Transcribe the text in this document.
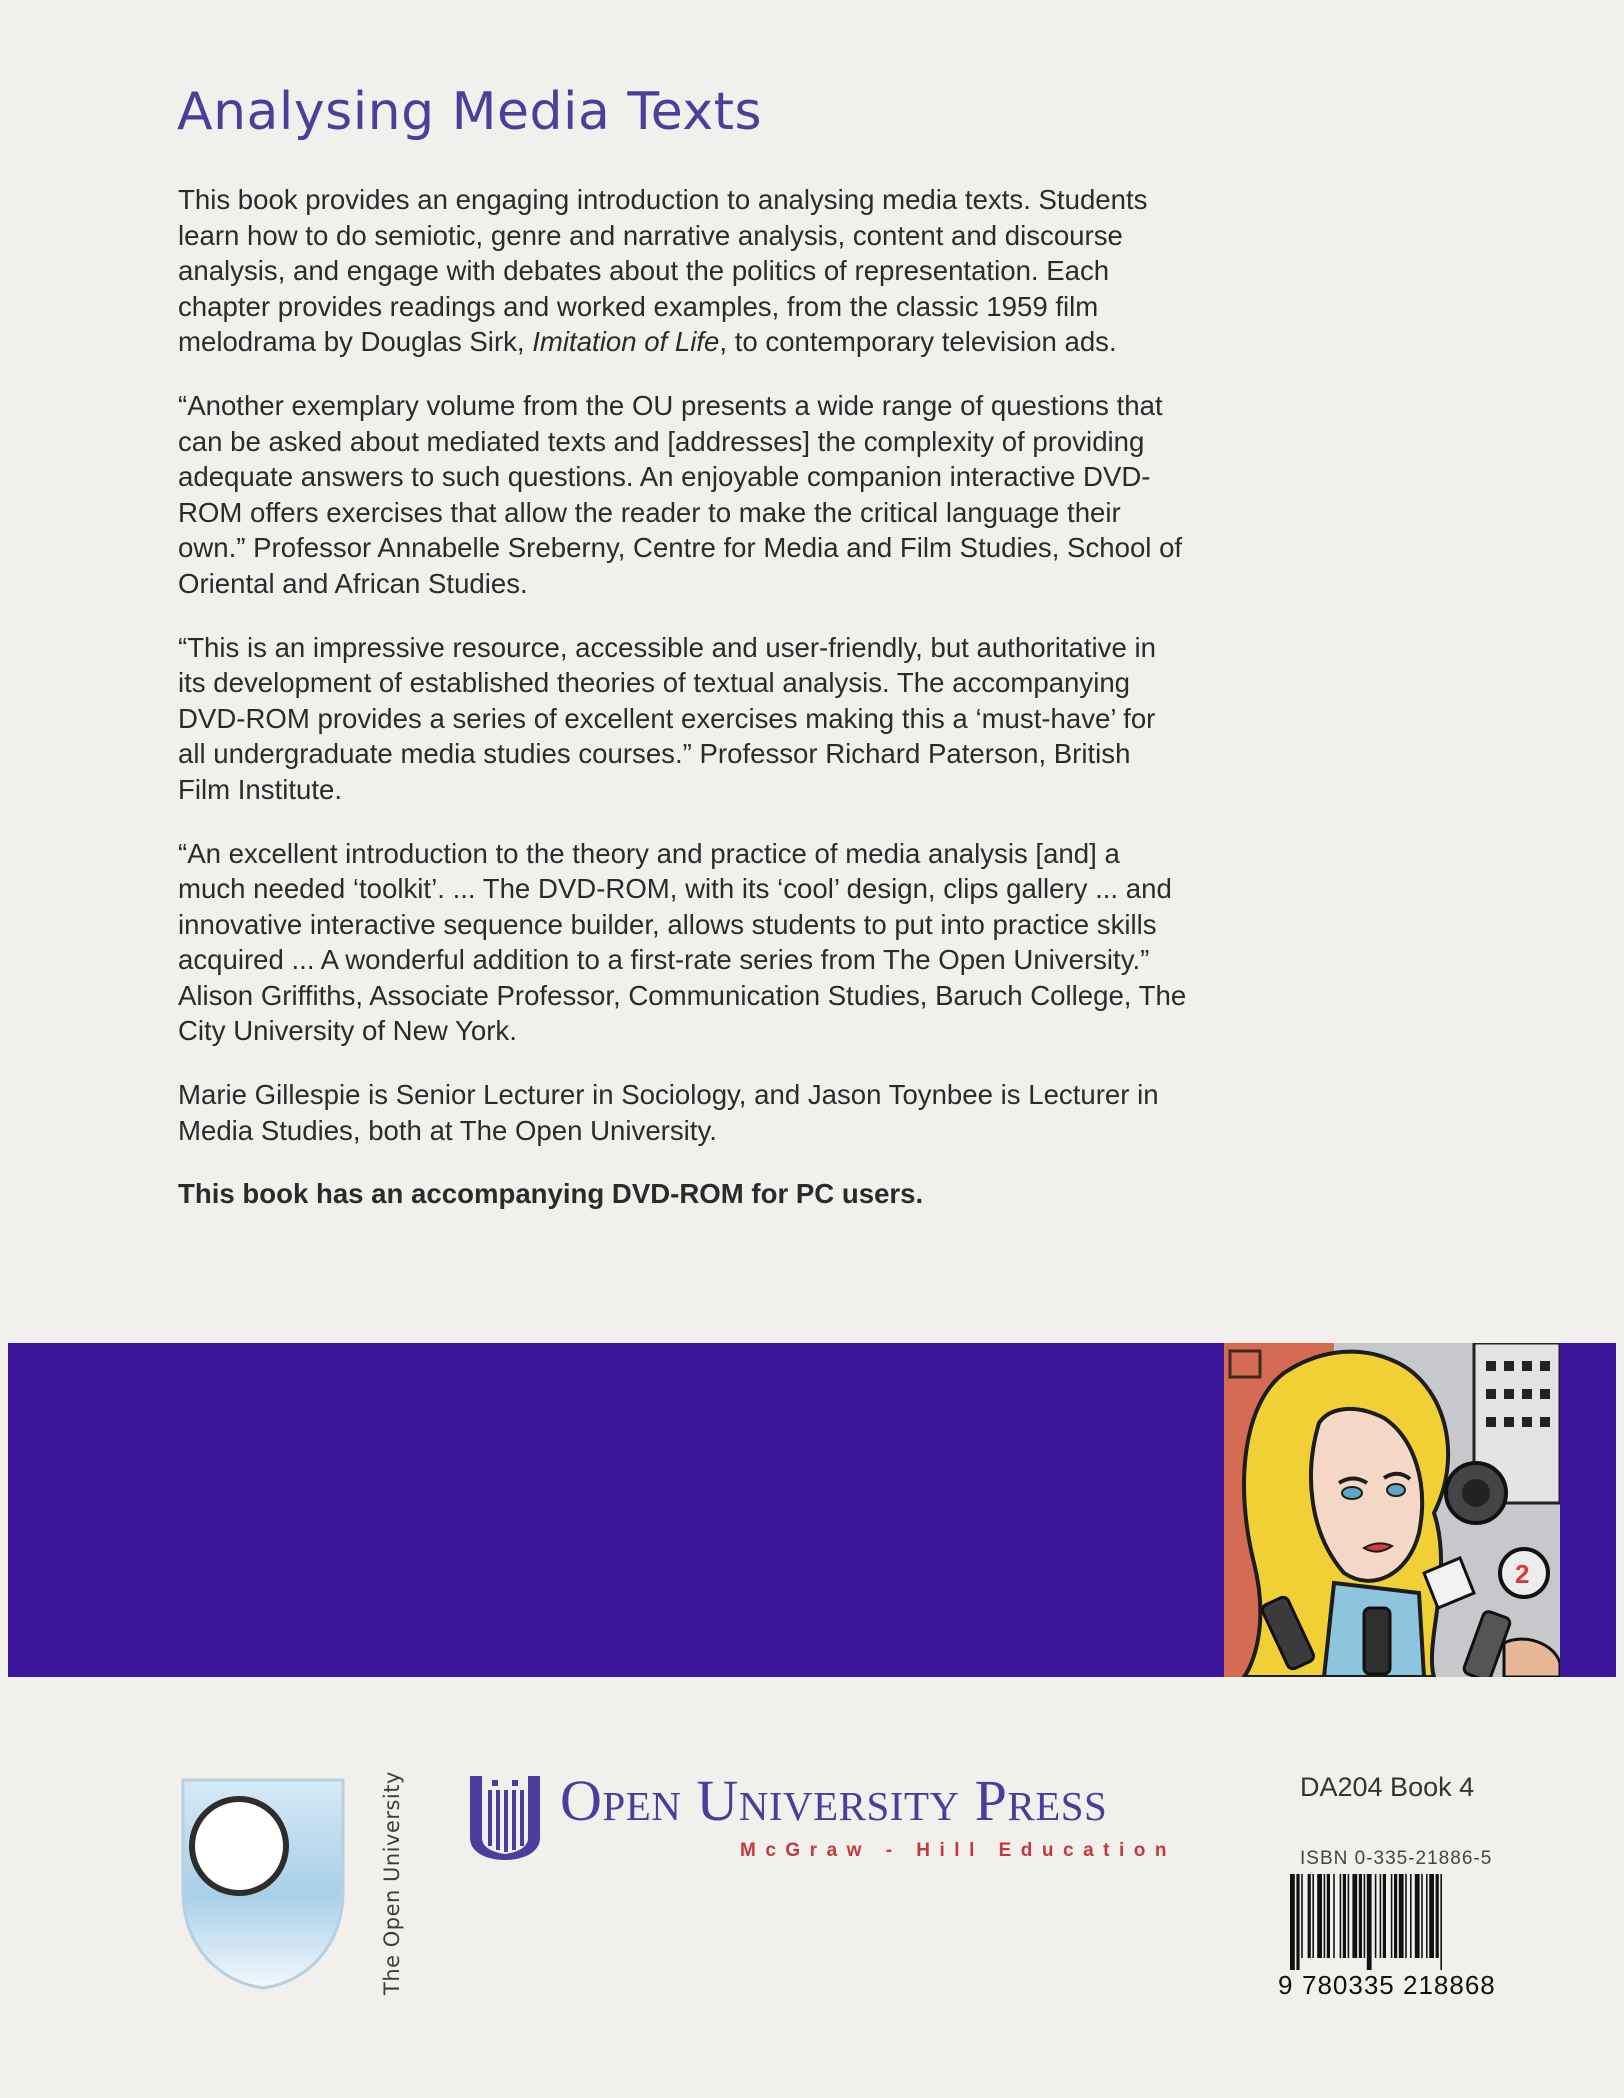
Analysing Media Texts

This book provides an engaging introduction to analysing media texts. Students learn how to do semiotic, genre and narrative analysis, content and discourse analysis, and engage with debates about the politics of representation. Each chapter provides readings and worked examples, from the classic 1959 film melodrama by Douglas Sirk, Imitation of Life, to contemporary television ads.

“Another exemplary volume from the OU presents a wide range of questions that can be asked about mediated texts and [addresses] the complexity of providing adequate answers to such questions. An enjoyable companion interactive DVD-ROM offers exercises that allow the reader to make the critical language their own.” Professor Annabelle Sreberny, Centre for Media and Film Studies, School of Oriental and African Studies.

“This is an impressive resource, accessible and user-friendly, but authoritative in its development of established theories of textual analysis. The accompanying DVD-ROM provides a series of excellent exercises making this a ‘must-have’ for all undergraduate media studies courses.” Professor Richard Paterson, British Film Institute.

“An excellent introduction to the theory and practice of media analysis [and] a much needed ‘toolkit’. ... The DVD-ROM, with its ‘cool’ design, clips gallery ... and innovative interactive sequence builder, allows students to put into practice skills acquired ... A wonderful addition to a first-rate series from The Open University.” Alison Griffiths, Associate Professor, Communication Studies, Baruch College, The City University of New York.

Marie Gillespie is Senior Lecturer in Sociology, and Jason Toynbee is Lecturer in Media Studies, both at The Open University.

This book has an accompanying DVD-ROM for PC users.

2
The Open University	Open University Press
McGraw - Hill Education
DA204 Book 4
ISBN 0-335-21886-5
9 780335 218868
